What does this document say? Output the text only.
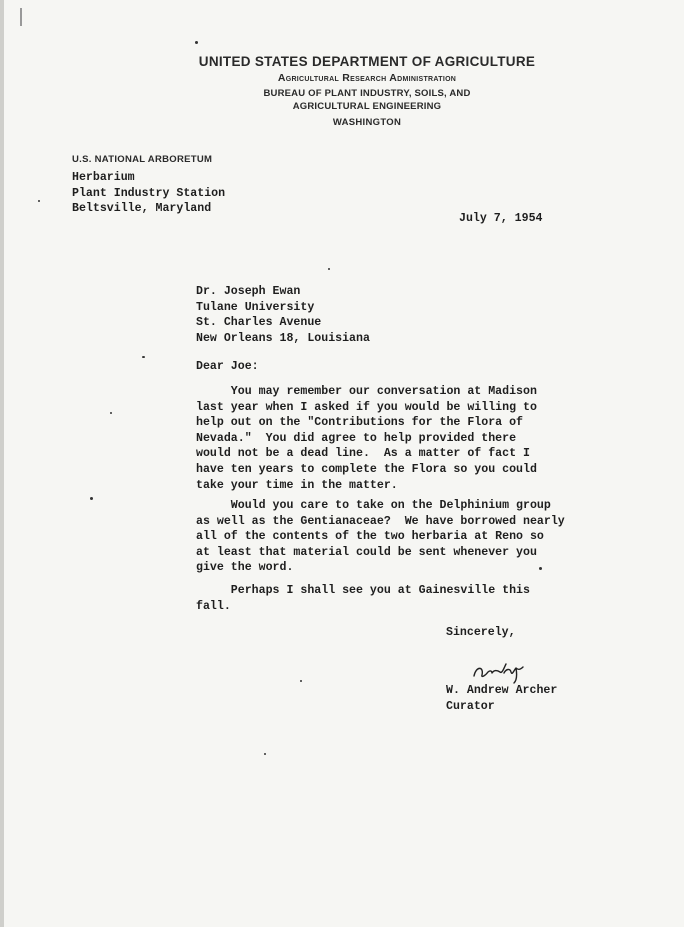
UNITED STATES DEPARTMENT OF AGRICULTURE
Agricultural Research Administration
BUREAU OF PLANT INDUSTRY, SOILS, AND
AGRICULTURAL ENGINEERING
WASHINGTON
U.S. NATIONAL ARBORETUM
Herbarium
Plant Industry Station
Beltsville, Maryland
July 7, 1954
Dr. Joseph Ewan
Tulane University
St. Charles Avenue
New Orleans 18, Louisiana
Dear Joe:
You may remember our conversation at Madison
last year when I asked if you would be willing to
help out on the "Contributions for the Flora of
Nevada."  You did agree to help provided there
would not be a dead line.  As a matter of fact I
have ten years to complete the Flora so you could
take your time in the matter.
Would you care to take on the Delphinium group
as well as the Gentianaceae?  We have borrowed nearly
all of the contents of the two herbaria at Reno so
at least that material could be sent whenever you
give the word.
Perhaps I shall see you at Gainesville this
fall.
Sincerely,
W. Andrew Archer
Curator
